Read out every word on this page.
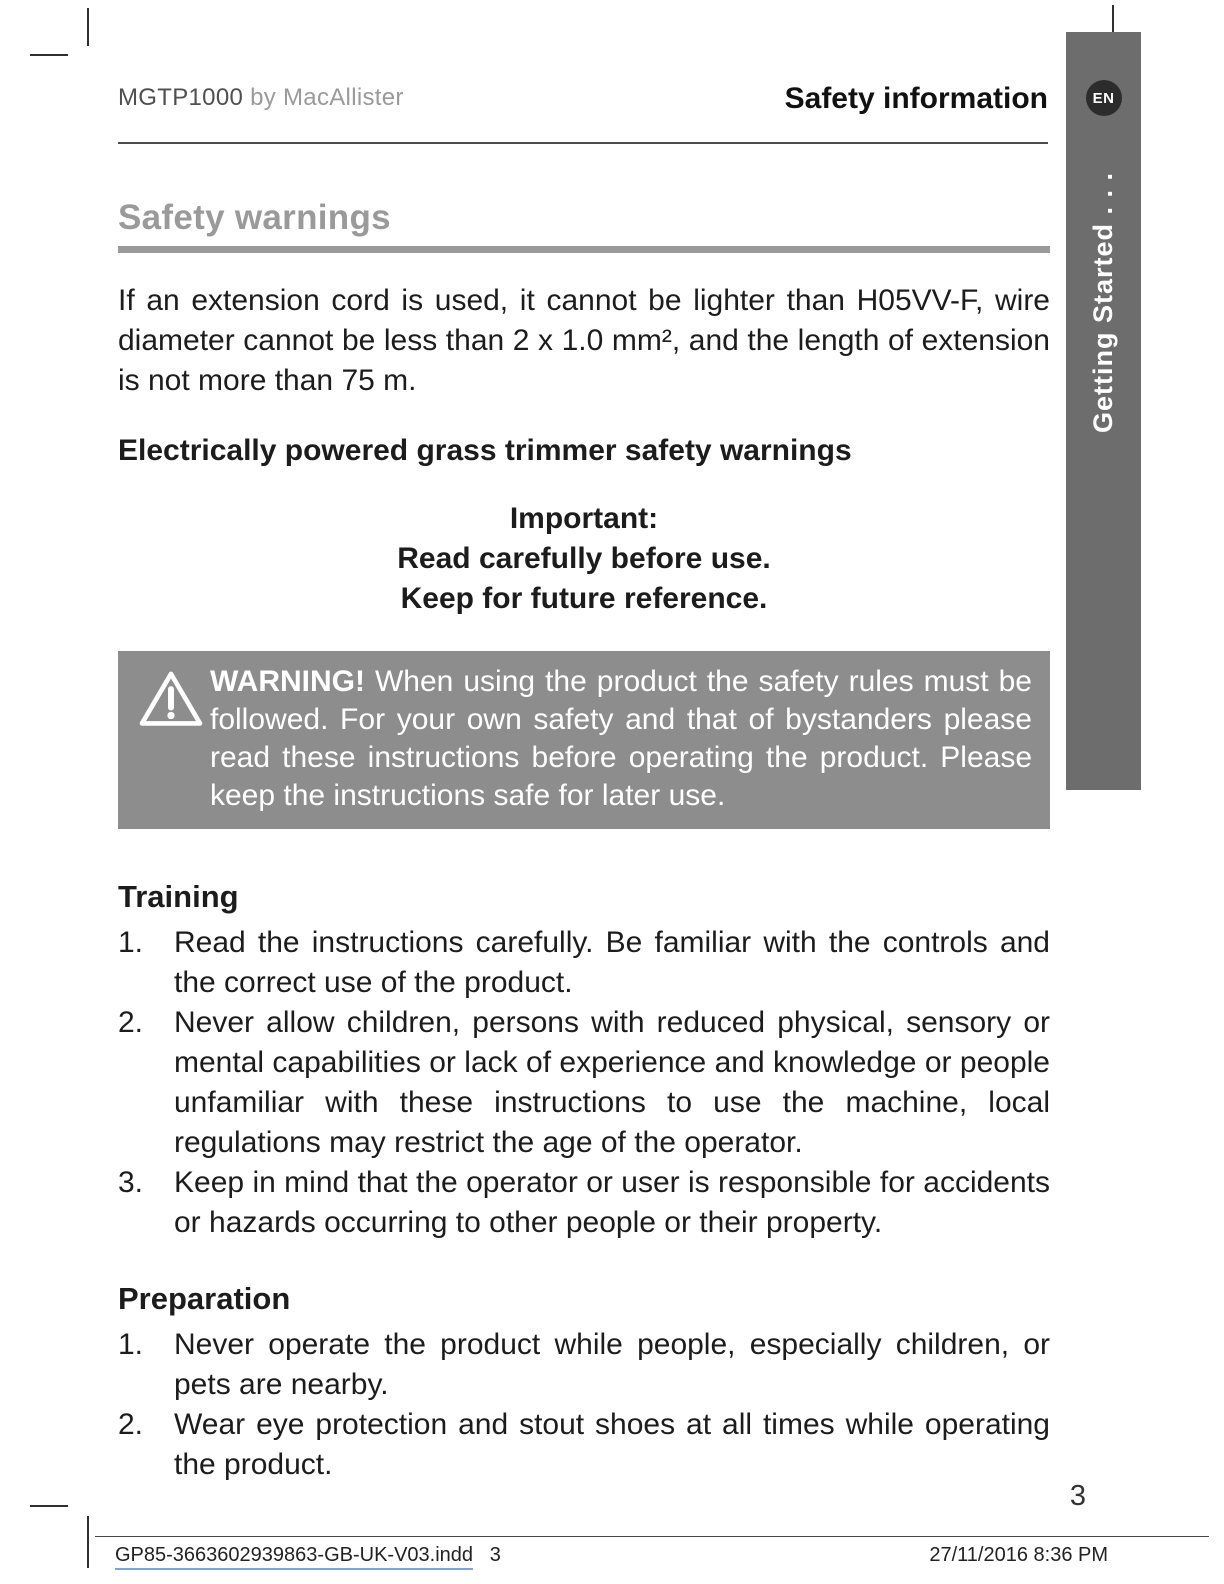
MGTP1000 by MacAllister	Safety information	EN
Getting Started . . .
Safety warnings

If an extension cord is used, it cannot be lighter than H05VV-F, wire diameter cannot be less than 2 x 1.0 mm², and the length of extension is not more than 75 m.

Electrically powered grass trimmer safety warnings
Important:
Read carefully before use.
Keep for future reference.

WARNING! When using the product the safety rules must be followed. For your own safety and that of bystanders please read these instructions before operating the product. Please keep the instructions safe for later use.

Training
1.	Read the instructions carefully. Be familiar with the controls and the correct use of the product.
2.	Never allow children, persons with reduced physical, sensory or mental capabilities or lack of experience and knowledge or people unfamiliar with these instructions to use the machine, local regulations may restrict the age of the operator.
3.	Keep in mind that the operator or user is responsible for accidents or hazards occurring to other people or their property.
Preparation
1.	Never operate the product while people, especially children, or pets are nearby.
2.	Wear eye protection and stout shoes at all times while operating the product.
3
GP85-3663602939863-GB-UK-V03.indd 3	27/11/2016 8:36 PM
